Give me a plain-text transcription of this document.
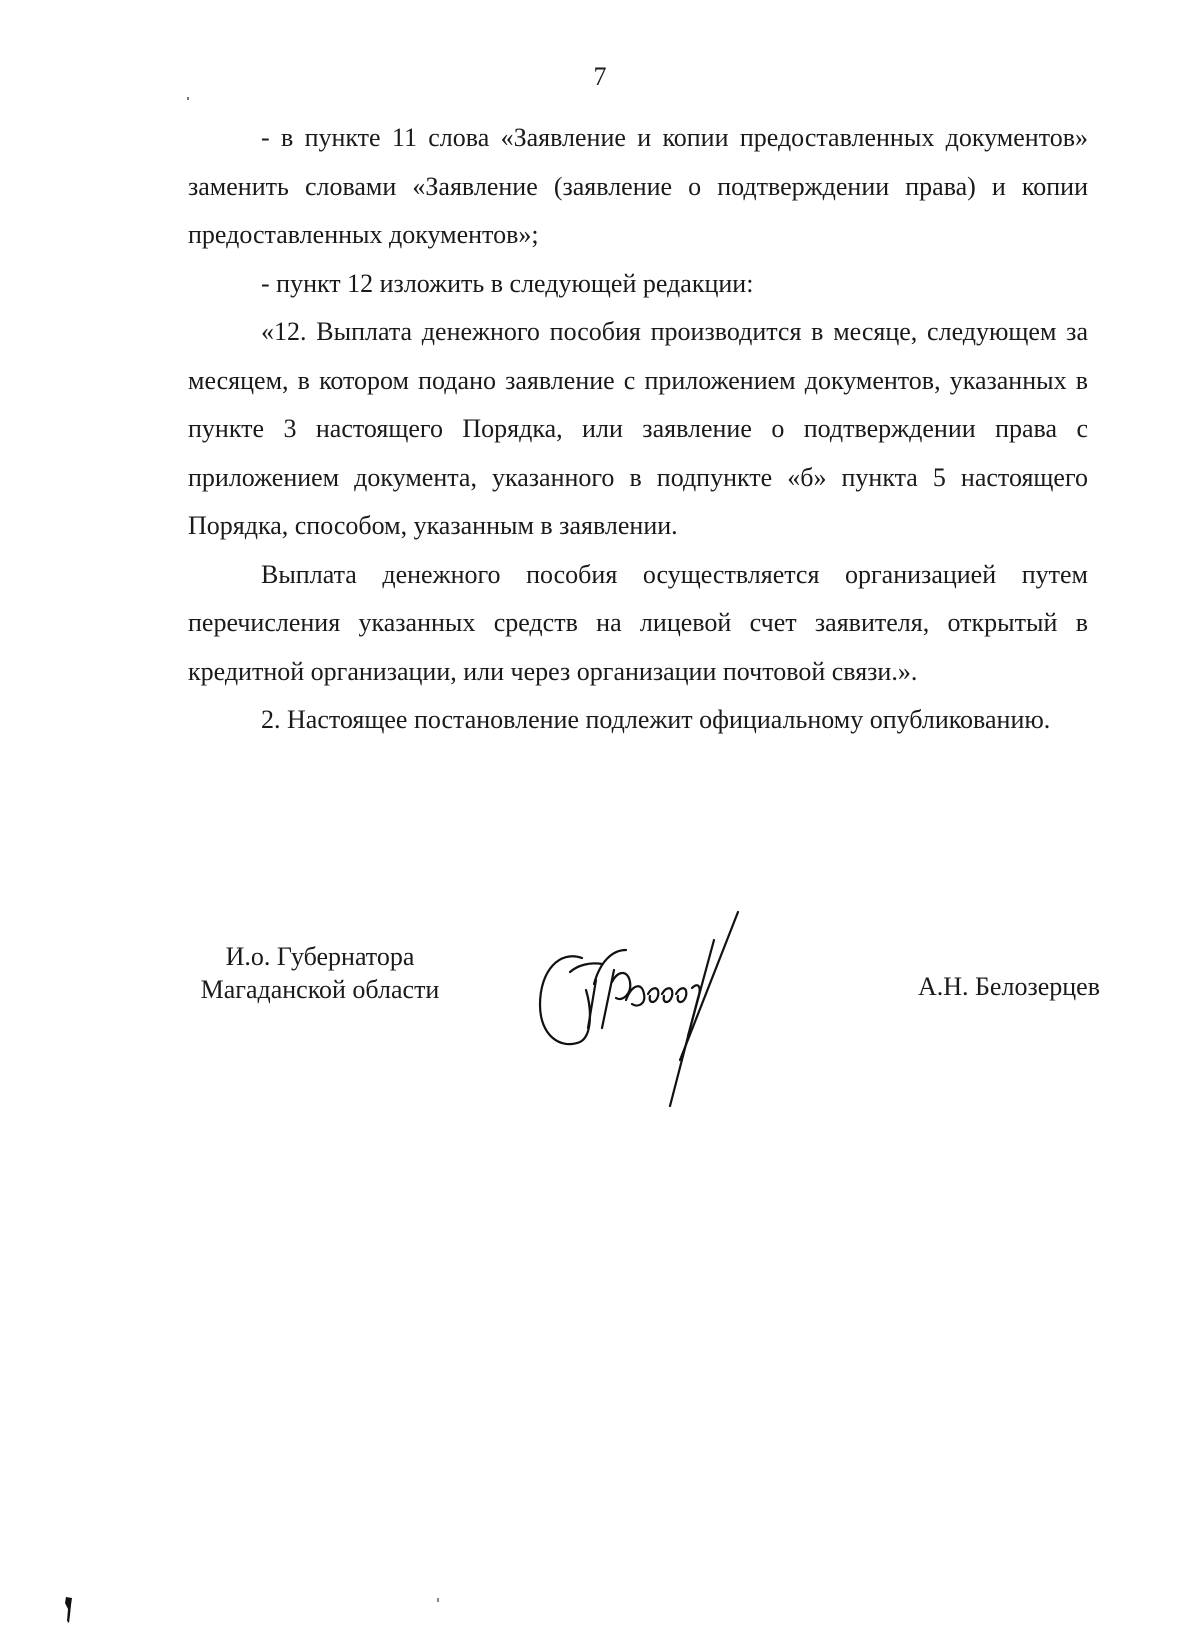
7

- в пункте 11 слова «Заявление и копии предоставленных документов» заменить словами «Заявление (заявление о подтверждении права) и копии предоставленных документов»;

- пункт 12 изложить в следующей редакции:

«12. Выплата денежного пособия производится в месяце, следующем за месяцем, в котором подано заявление с приложением документов, указанных в пункте 3 настоящего Порядка, или заявление о подтверждении права с приложением документа, указанного в подпункте «б» пункта 5 настоящего Порядка, способом, указанным в заявлении.

Выплата денежного пособия осуществляется организацией путем перечисления указанных средств на лицевой счет заявителя, открытый в кредитной организации, или через организации почтовой связи.».

2. Настоящее постановление подлежит официальному опубликованию.

И.о. Губернатора
Магаданской области	А.Н. Белозерцев
